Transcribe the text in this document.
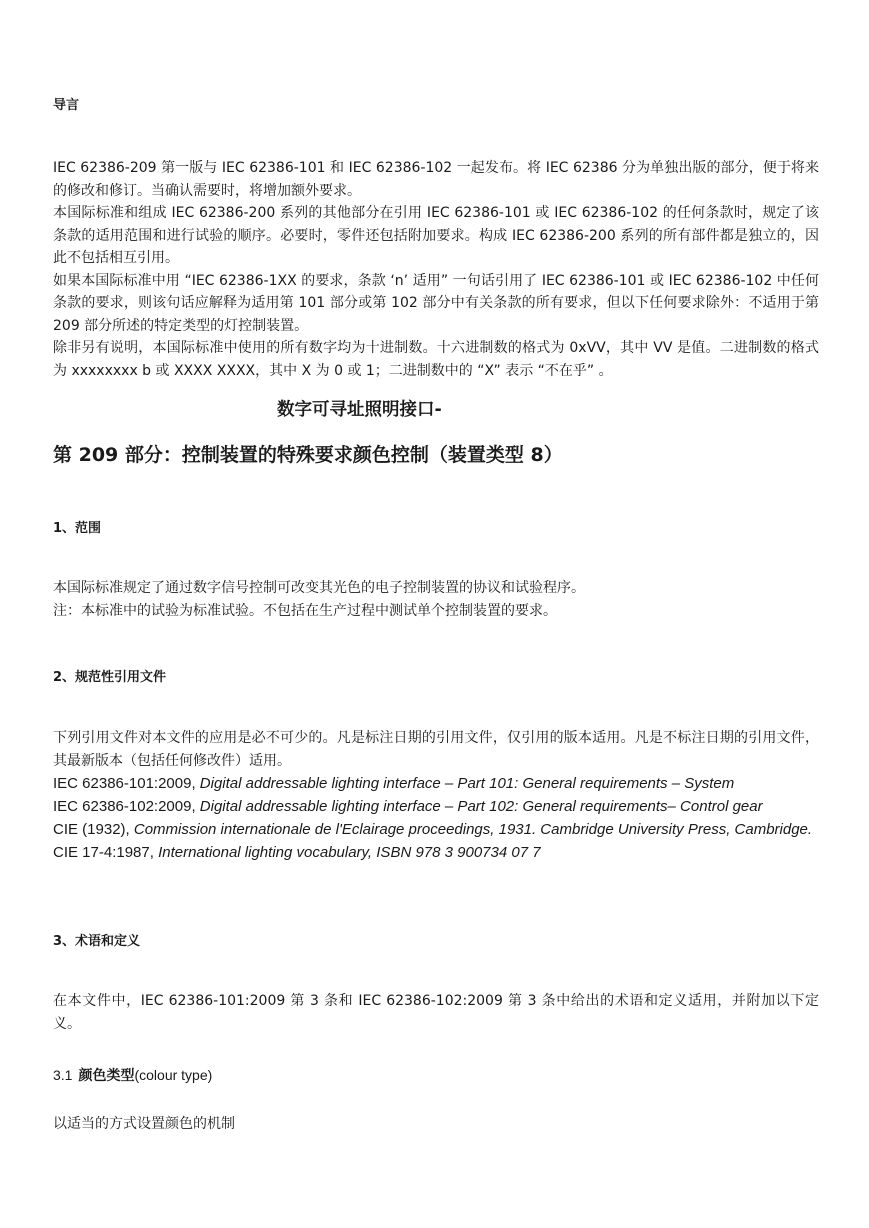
导言

IEC 62386-209 第一版与 IEC 62386-101 和 IEC 62386-102 一起发布。将 IEC 62386 分为单独出版的部分，便于将来的修改和修订。当确认需要时，将增加额外要求。

本国际标准和组成 IEC 62386-200 系列的其他部分在引用 IEC 62386-101 或 IEC 62386-102 的任何条款时，规定了该条款的适用范围和进行试验的顺序。必要时，零件还包括附加要求。构成 IEC 62386-200 系列的所有部件都是独立的，因此不包括相互引用。

如果本国际标准中用 “IEC 62386-1XX 的要求，条款 ‘n’ 适用” 一句话引用了 IEC 62386-101 或 IEC 62386-102 中任何条款的要求，则该句话应解释为适用第 101 部分或第 102 部分中有关条款的所有要求，但以下任何要求除外：不适用于第 209 部分所述的特定类型的灯控制装置。

除非另有说明，本国际标准中使用的所有数字均为十进制数。十六进制数的格式为 0xVV，其中 VV 是值。二进制数的格式为 xxxxxxxx b 或 XXXX XXXX，其中 X 为 0 或 1；二进制数中的 “X” 表示 “不在乎” 。

数字可寻址照明接口-
第 209 部分：控制装置的特殊要求颜色控制（装置类型 8）
1、范围

本国际标准规定了通过数字信号控制可改变其光色的电子控制装置的协议和试验程序。

注：本标准中的试验为标准试验。不包括在生产过程中测试单个控制装置的要求。

2、规范性引用文件
下列引用文件对本文件的应用是必不可少的。凡是标注日期的引用文件，仅引用的版本适用。凡是不标注日期的引用文件，其最新版本（包括任何修改件）适用。

IEC 62386-101:2009, Digital addressable lighting interface – Part 101: General requirements – System

IEC 62386-102:2009, Digital addressable lighting interface – Part 102: General requirements– Control gear

CIE (1932), Commission internationale de l'Eclairage proceedings, 1931. Cambridge University Press, Cambridge.

CIE 17-4:1987, International lighting vocabulary, ISBN 978 3 900734 07 7

3、术语和定义
在本文件中，IEC 62386-101:2009 第 3 条和 IEC 62386-102:2009 第 3 条中给出的术语和定义适用，并附加以下定义。
3.1 颜色类型(colour type)
以适当的方式设置颜色的机制
